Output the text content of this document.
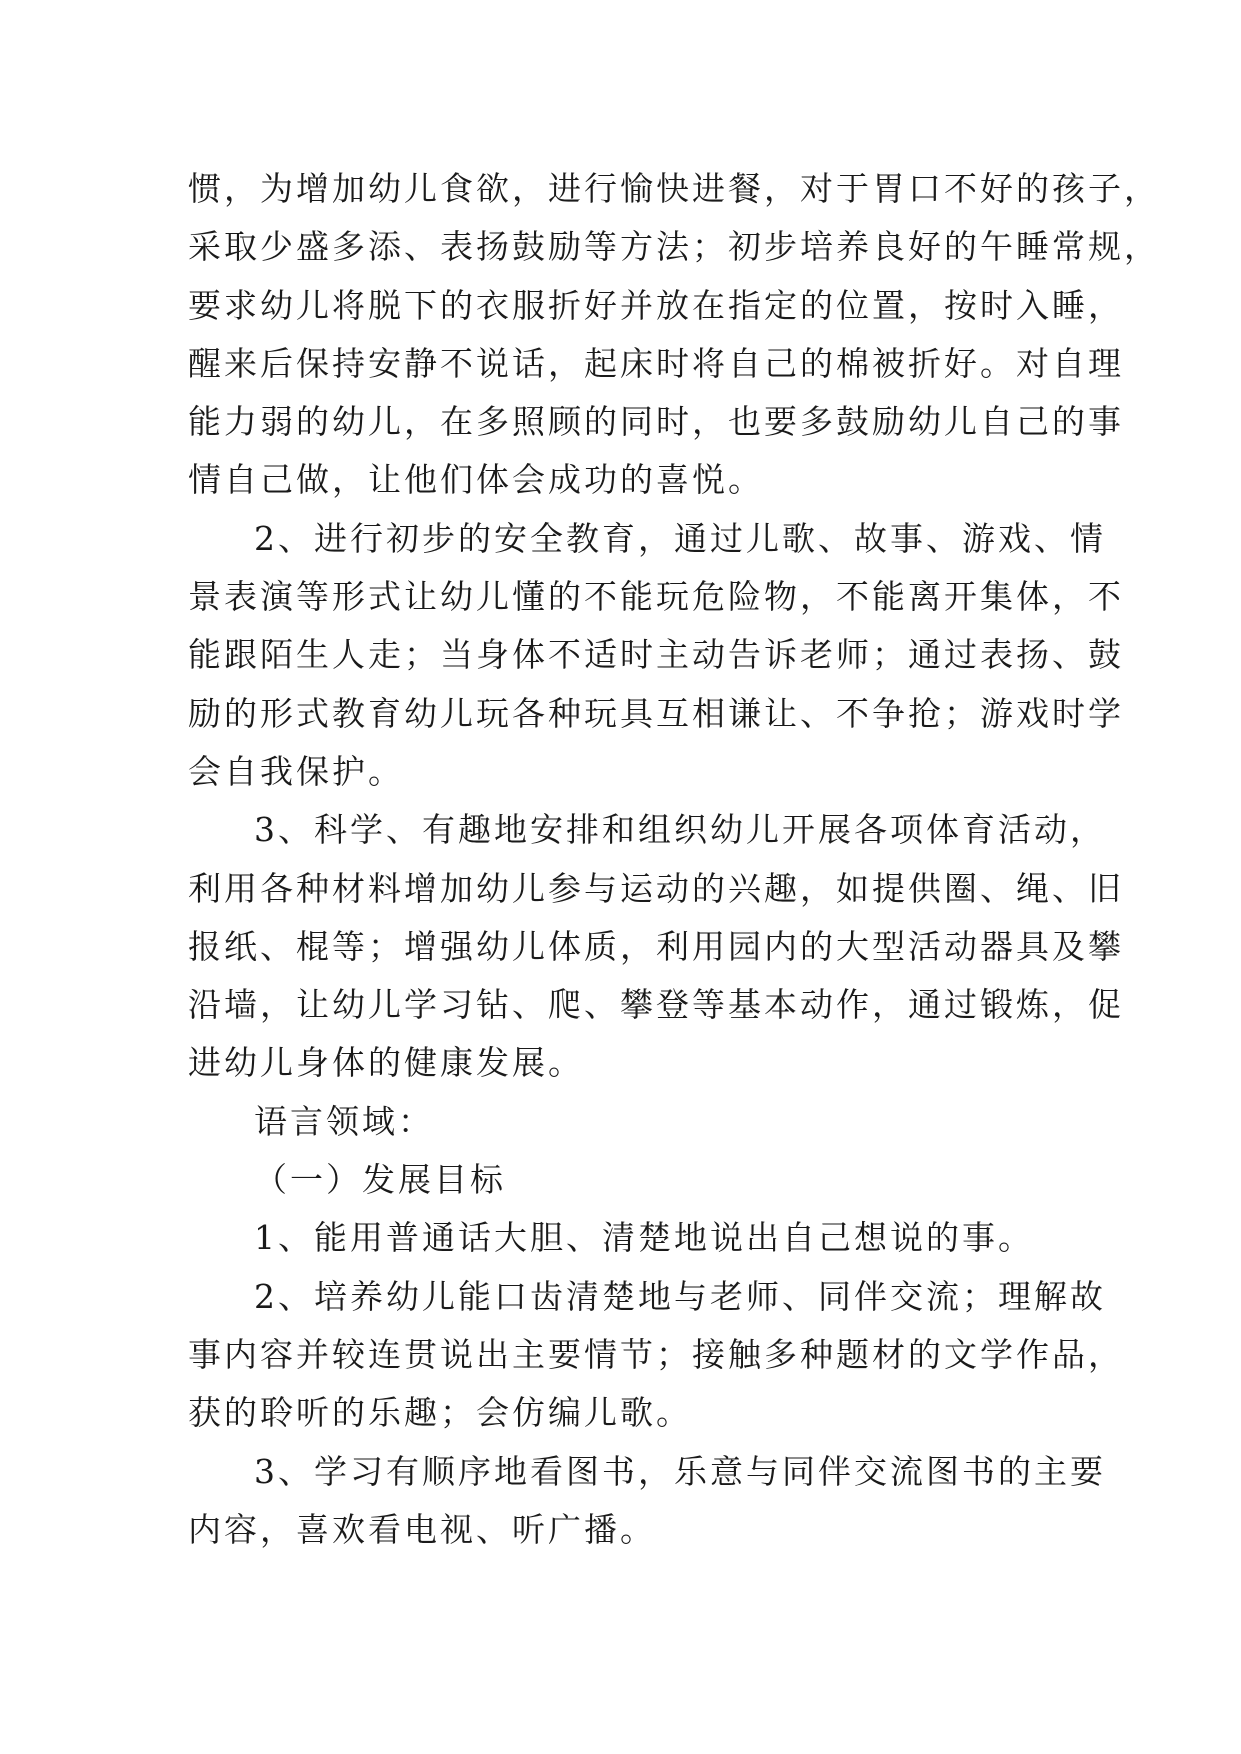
惯，为增加幼儿食欲，进行愉快进餐，对于胃口不好的孩子，
采取少盛多添、表扬鼓励等方法；初步培养良好的午睡常规，
要求幼儿将脱下的衣服折好并放在指定的位置，按时入睡，
醒来后保持安静不说话，起床时将自己的棉被折好。对自理
能力弱的幼儿，在多照顾的同时，也要多鼓励幼儿自己的事
情自己做，让他们体会成功的喜悦。
2、进行初步的安全教育，通过儿歌、故事、游戏、情
景表演等形式让幼儿懂的不能玩危险物，不能离开集体，不
能跟陌生人走；当身体不适时主动告诉老师；通过表扬、鼓
励的形式教育幼儿玩各种玩具互相谦让、不争抢；游戏时学
会自我保护。
3、科学、有趣地安排和组织幼儿开展各项体育活动，
利用各种材料增加幼儿参与运动的兴趣，如提供圈、绳、旧
报纸、棍等；增强幼儿体质，利用园内的大型活动器具及攀
沿墙，让幼儿学习钻、爬、攀登等基本动作，通过锻炼，促
进幼儿身体的健康发展。
语言领域：
（一）发展目标
1、能用普通话大胆、清楚地说出自己想说的事。
2、培养幼儿能口齿清楚地与老师、同伴交流；理解故
事内容并较连贯说出主要情节；接触多种题材的文学作品，
获的聆听的乐趣；会仿编儿歌。
3、学习有顺序地看图书，乐意与同伴交流图书的主要
内容，喜欢看电视、听广播。
